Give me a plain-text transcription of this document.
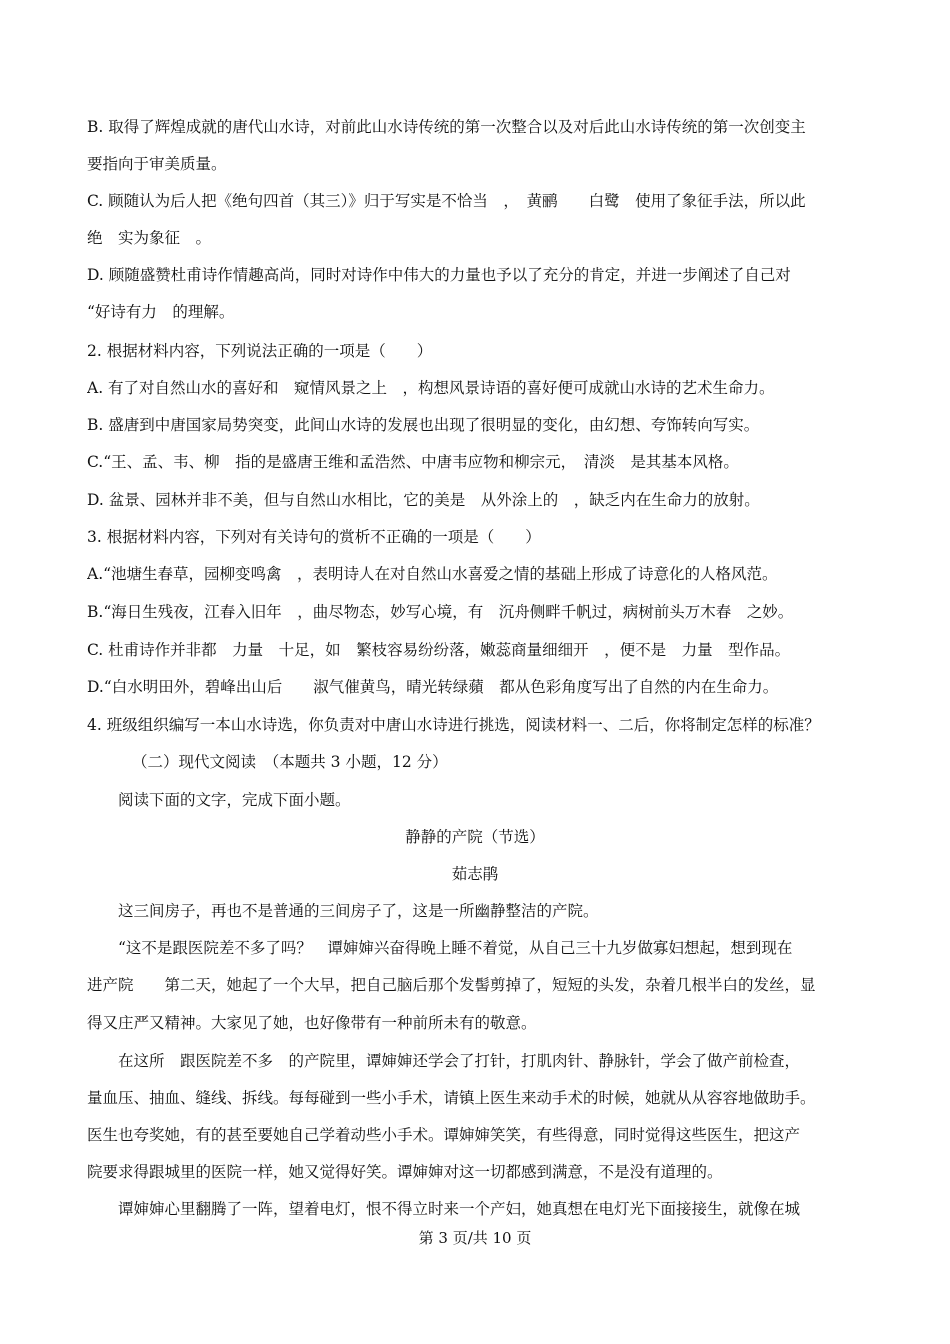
B. 取得了辉煌成就的唐代山水诗，对前此山水诗传统的第一次整合以及对后此山水诗传统的第一次创变主
要指向于审美质量。
C. 顾随认为后人把《绝句四首（其三）》归于写实是不恰当　，　黄鹂　　白鹭　使用了象征手法，所以此
绝　实为象征　。
D. 顾随盛赞杜甫诗作情趣高尚，同时对诗作中伟大的力量也予以了充分的肯定，并进一步阐述了自己对
“好诗有力　的理解。
2. 根据材料内容，下列说法正确的一项是（　　）
A. 有了对自然山水的喜好和　窥情风景之上　，构想风景诗语的喜好便可成就山水诗的艺术生命力。
B. 盛唐到中唐国家局势突变，此间山水诗的发展也出现了很明显的变化，由幻想、夸饰转向写实。
C.“王、孟、韦、柳　指的是盛唐王维和孟浩然、中唐韦应物和柳宗元，　清淡　是其基本风格。
D. 盆景、园林并非不美，但与自然山水相比，它的美是　从外涂上的　，缺乏内在生命力的放射。
3. 根据材料内容，下列对有关诗句的赏析不正确的一项是（　　）
A.“池塘生春草，园柳变鸣禽　，表明诗人在对自然山水喜爱之情的基础上形成了诗意化的人格风范。
B.“海日生残夜，江春入旧年　，曲尽物态，妙写心境，有　沉舟侧畔千帆过，病树前头万木春　之妙。
C. 杜甫诗作并非都　力量　十足，如　繁枝容易纷纷落，嫩蕊商量细细开　，便不是　力量　型作品。
D.“白水明田外，碧峰出山后　　淑气催黄鸟，晴光转绿蘋　都从色彩角度写出了自然的内在生命力。
4. 班级组织编写一本山水诗选，你负责对中唐山水诗进行挑选，阅读材料一、二后，你将制定怎样的标准？
（二）现代文阅读　（本题共 3 小题，12 分）
阅读下面的文字，完成下面小题。
静静的产院（节选）
茹志鹃
这三间房子，再也不是普通的三间房子了，这是一所幽静整洁的产院。
“这不是跟医院差不多了吗？　谭婶婶兴奋得晚上睡不着觉，从自己三十九岁做寡妇想起，想到现在
进产院　　第二天，她起了一个大早，把自己脑后那个发髻剪掉了，短短的头发，杂着几根半白的发丝，显
得又庄严又精神。大家见了她，也好像带有一种前所未有的敬意。
在这所　跟医院差不多　的产院里，谭婶婶还学会了打针，打肌肉针、静脉针，学会了做产前检查，
量血压、抽血、缝线、拆线。每每碰到一些小手术，请镇上医生来动手术的时候，她就从从容容地做助手。
医生也夸奖她，有的甚至要她自己学着动些小手术。谭婶婶笑笑，有些得意，同时觉得这些医生，把这产
院要求得跟城里的医院一样，她又觉得好笑。谭婶婶对这一切都感到满意，不是没有道理的。
谭婶婶心里翻腾了一阵，望着电灯，恨不得立时来一个产妇，她真想在电灯光下面接接生，就像在城
第 3 页/共 10 页
